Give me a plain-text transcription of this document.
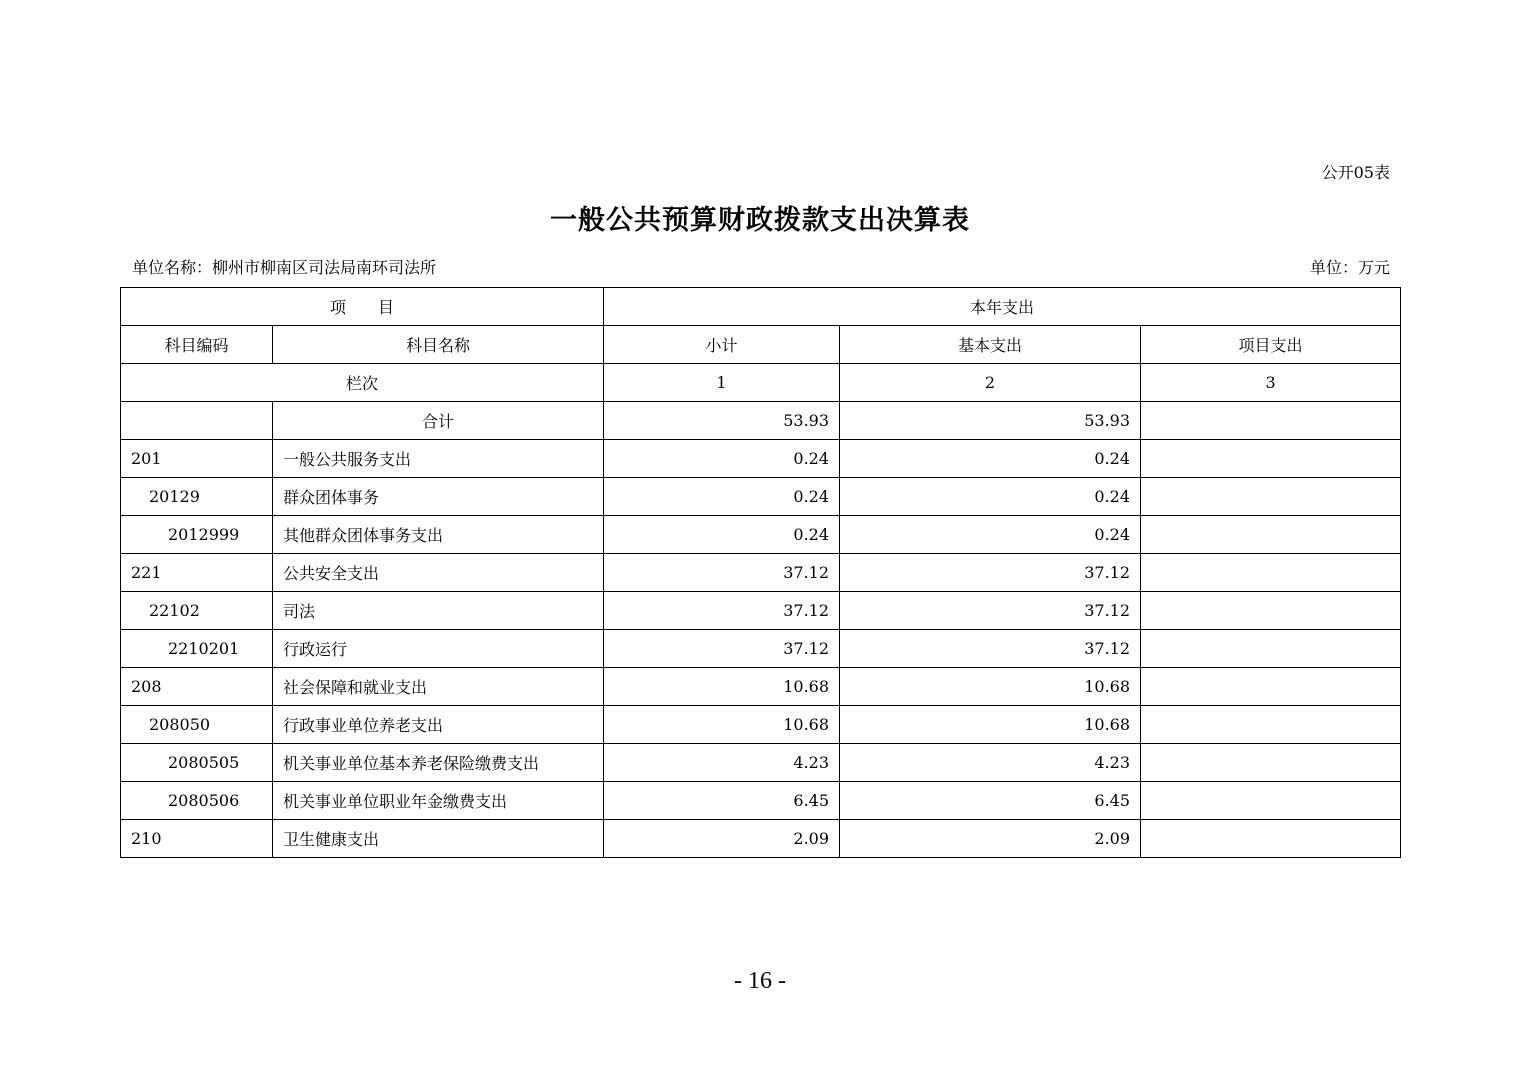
公开05表
一般公共预算财政拨款支出决算表
单位名称：柳州市柳南区司法局南环司法所	单位：万元
项　　目		本年支出		
科目编码	科目名称	小计	基本支出	项目支出
栏次		1	2	3
	合计	53.93	53.93	
201	一般公共服务支出	0.24	0.24	
20129	群众团体事务	0.24	0.24	
2012999	其他群众团体事务支出	0.24	0.24	
221	公共安全支出	37.12	37.12	
22102	司法	37.12	37.12	
2210201	行政运行	37.12	37.12	
208	社会保障和就业支出	10.68	10.68	
208050	行政事业单位养老支出	10.68	10.68	
2080505	机关事业单位基本养老保险缴费支出	4.23	4.23	
2080506	机关事业单位职业年金缴费支出	6.45	6.45	
210	卫生健康支出	2.09	2.09	
- 16 -
